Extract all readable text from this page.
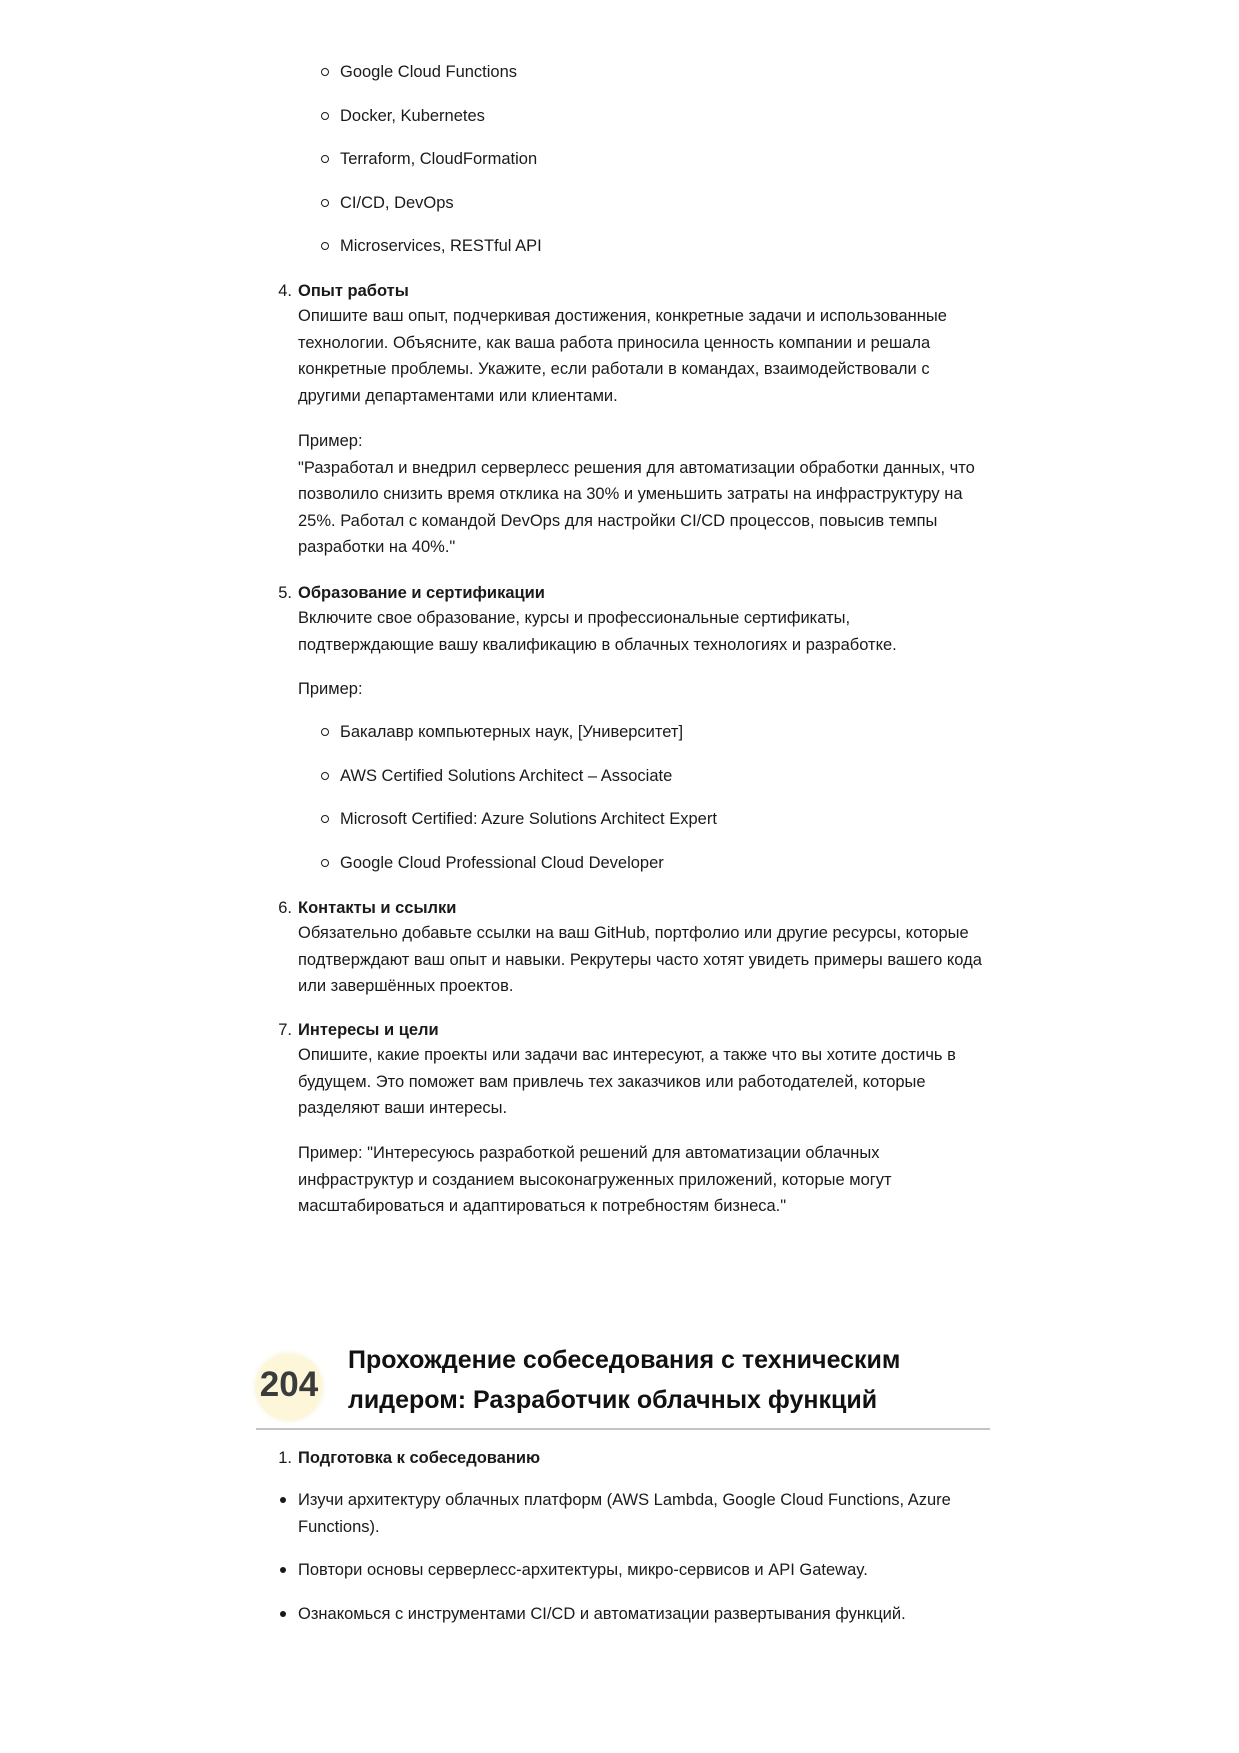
Google Cloud Functions
Docker, Kubernetes
Terraform, CloudFormation
CI/CD, DevOps
Microservices, RESTful API
4. Опыт работы
Опишите ваш опыт, подчеркивая достижения, конкретные задачи и использованные
технологии. Объясните, как ваша работа приносила ценность компании и решала
конкретные проблемы. Укажите, если работали в командах, взаимодействовали с
другими департаментами или клиентами.
Пример:
"Разработал и внедрил серверлесс решения для автоматизации обработки данных, что
позволило снизить время отклика на 30% и уменьшить затраты на инфраструктуру на
25%. Работал с командой DevOps для настройки CI/CD процессов, повысив темпы
разработки на 40%."
5. Образование и сертификации
Включите свое образование, курсы и профессиональные сертификаты,
подтверждающие вашу квалификацию в облачных технологиях и разработке.
Пример:
Бакалавр компьютерных наук, [Университет]
AWS Certified Solutions Architect – Associate
Microsoft Certified: Azure Solutions Architect Expert
Google Cloud Professional Cloud Developer
6. Контакты и ссылки
Обязательно добавьте ссылки на ваш GitHub, портфолио или другие ресурсы, которые
подтверждают ваш опыт и навыки. Рекрутеры часто хотят увидеть примеры вашего кода
или завершённых проектов.
7. Интересы и цели
Опишите, какие проекты или задачи вас интересуют, а также что вы хотите достичь в
будущем. Это поможет вам привлечь тех заказчиков или работодателей, которые
разделяют ваши интересы.
Пример: "Интересуюсь разработкой решений для автоматизации облачных
инфраструктур и созданием высоконагруженных приложений, которые могут
масштабироваться и адаптироваться к потребностям бизнеса."
204
Прохождение собеседования с техническим
лидером: Разработчик облачных функций
1. Подготовка к собеседованию
Изучи архитектуру облачных платформ (AWS Lambda, Google Cloud Functions, Azure
Functions).
Повтори основы серверлесс-архитектуры, микро-сервисов и API Gateway.
Ознакомься с инструментами CI/CD и автоматизации развертывания функций.
